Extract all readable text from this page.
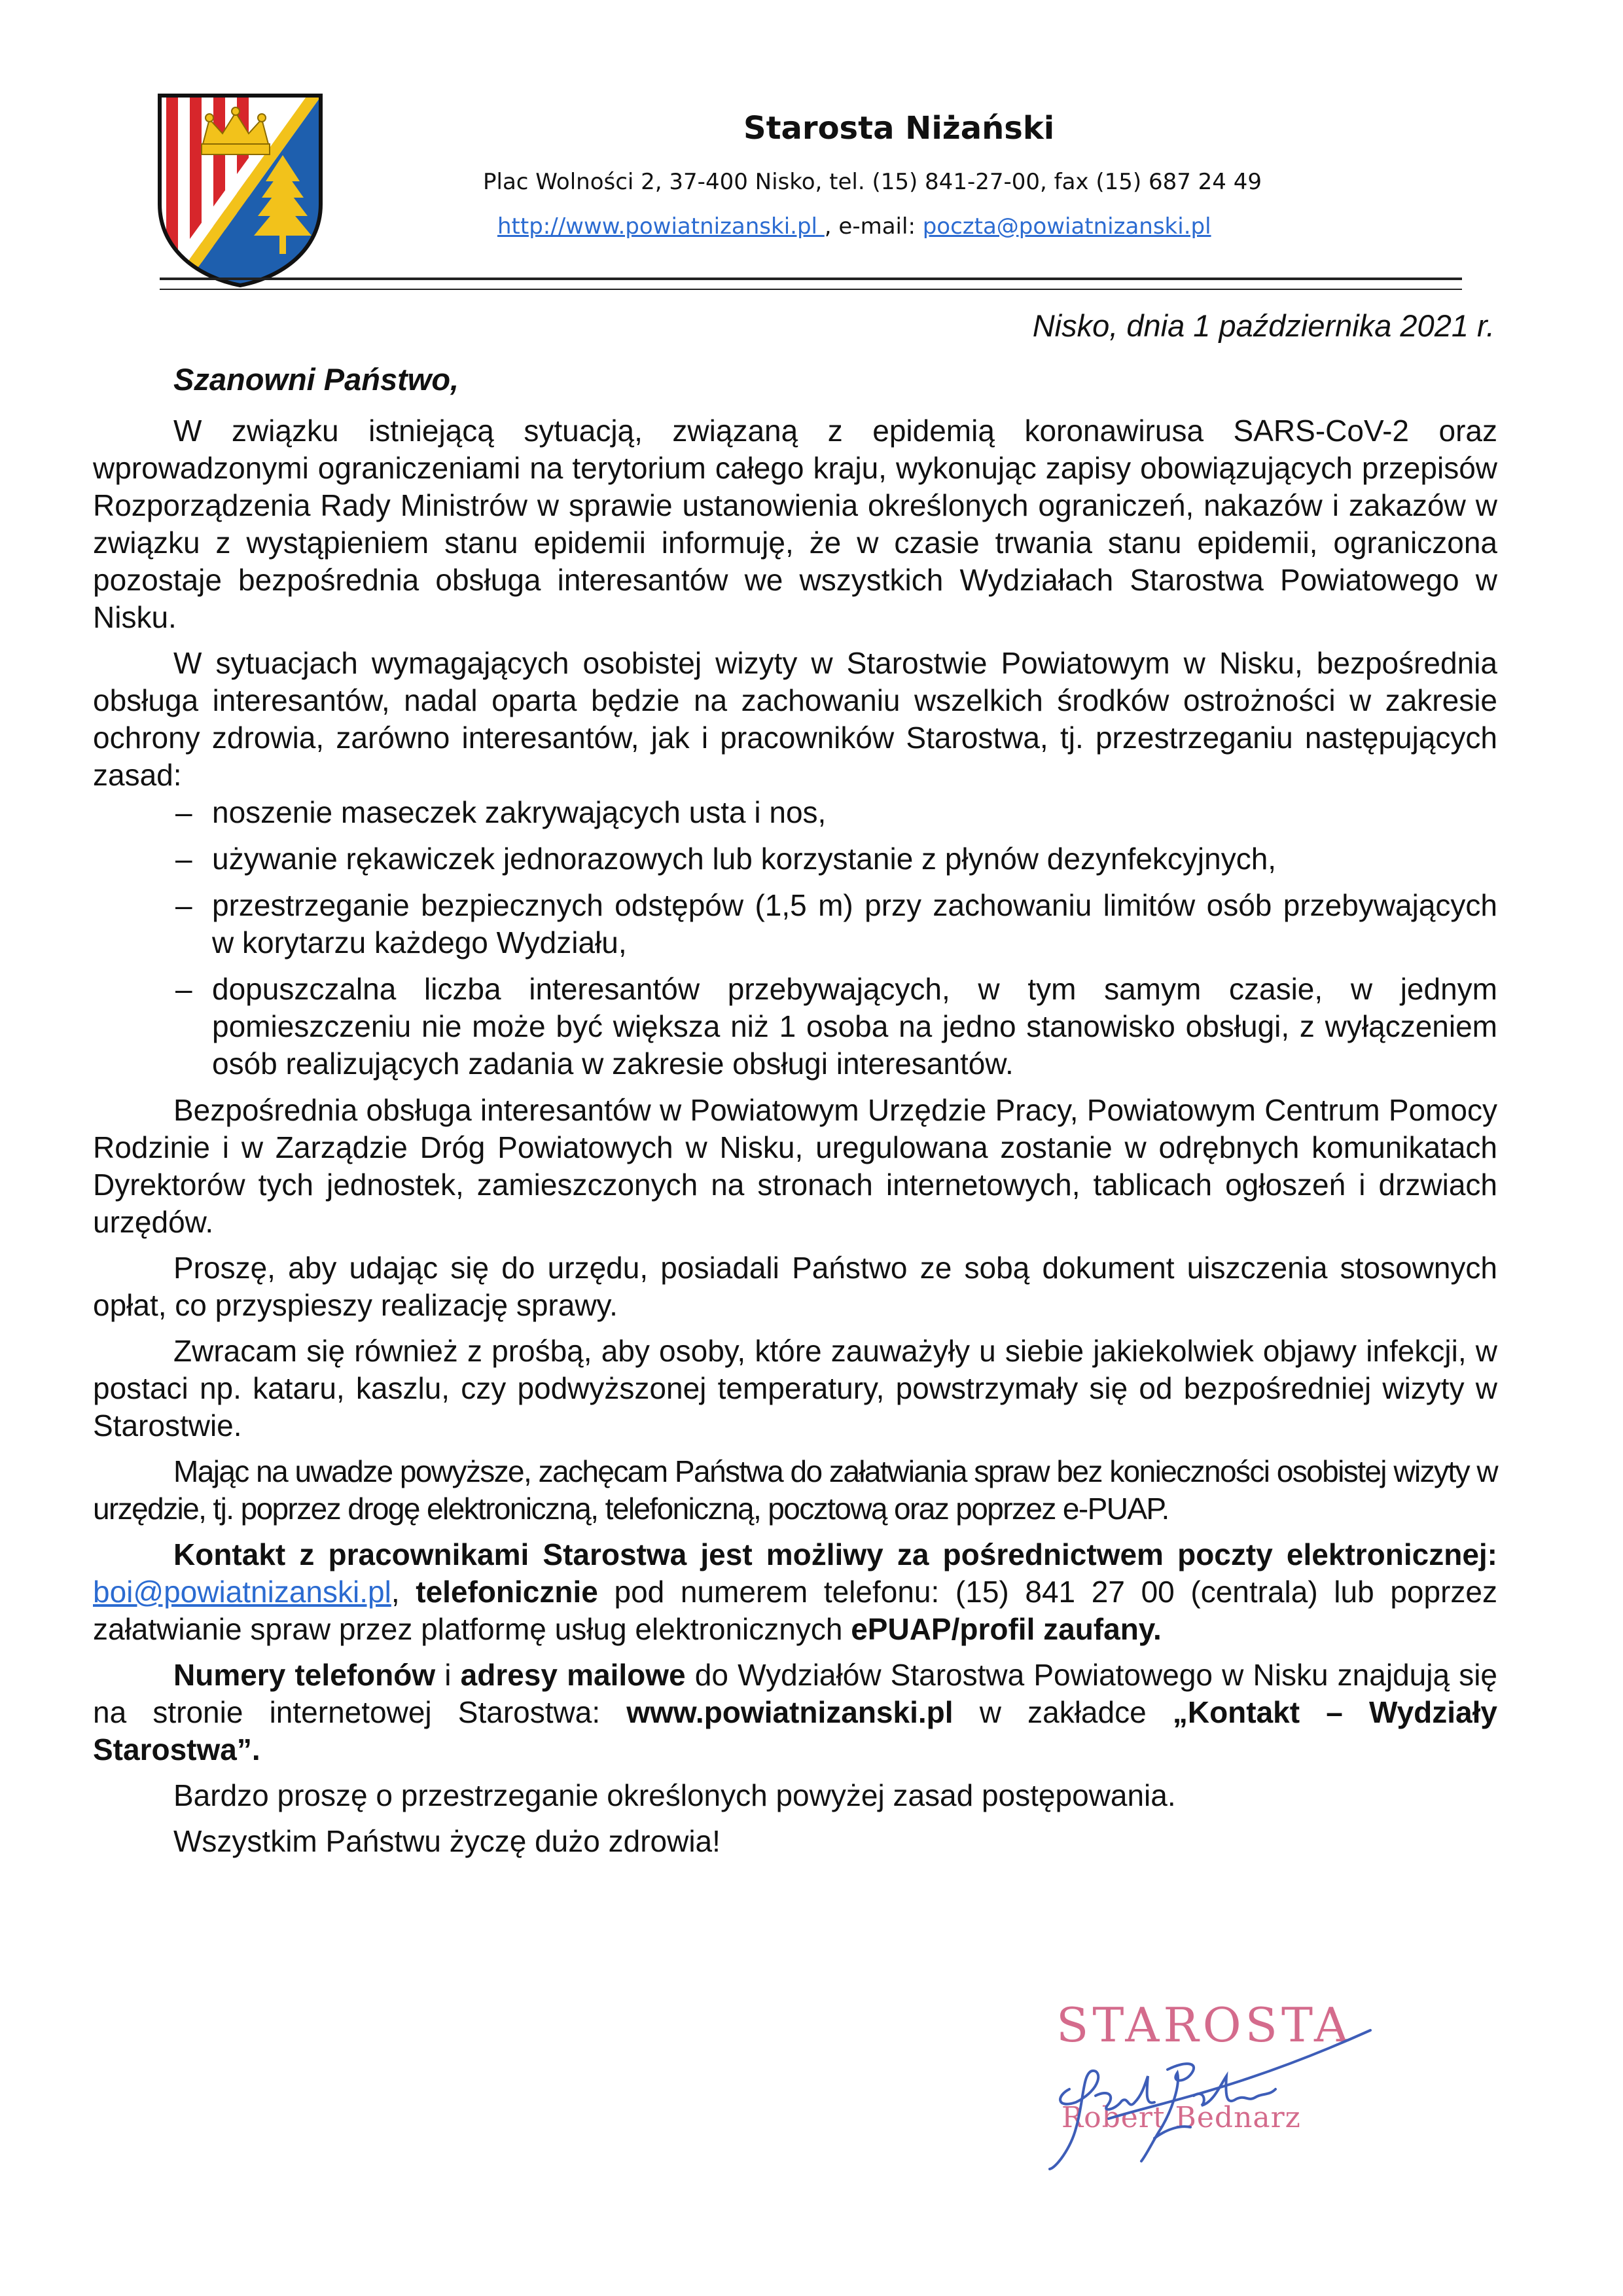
Starosta Niżański
Plac Wolności 2, 37-400 Nisko, tel. (15) 841-27-00, fax (15) 687 24 49
http://www.powiatnizanski.pl , e-mail: poczta@powiatnizanski.pl
Nisko, dnia 1 października 2021 r.
Szanowni Państwo,

W związku istniejącą sytuacją, związaną z epidemią koronawirusa SARS-CoV-2 oraz wprowadzonymi ograniczeniami na terytorium całego kraju, wykonując zapisy obowiązujących przepisów Rozporządzenia Rady Ministrów w sprawie ustanowienia określonych ograniczeń, nakazów i zakazów w związku z wystąpieniem stanu epidemii informuję, że w czasie trwania stanu epidemii, ograniczona pozostaje bezpośrednia obsługa interesantów we wszystkich Wydziałach Starostwa Powiatowego w Nisku.

W sytuacjach wymagających osobistej wizyty w Starostwie Powiatowym w Nisku, bezpośrednia obsługa interesantów, nadal oparta będzie na zachowaniu wszelkich środków ostrożności w zakresie ochrony zdrowia, zarówno interesantów, jak i pracowników Starostwa, tj. przestrzeganiu następujących zasad:

– noszenie maseczek zakrywających usta i nos,
– używanie rękawiczek jednorazowych lub korzystanie z płynów dezynfekcyjnych,
– przestrzeganie bezpiecznych odstępów (1,5 m) przy zachowaniu limitów osób przebywających w korytarzu każdego Wydziału,
– dopuszczalna liczba interesantów przebywających, w tym samym czasie, w jednym pomieszczeniu nie może być większa niż 1 osoba na jedno stanowisko obsługi, z wyłączeniem osób realizujących zadania w zakresie obsługi interesantów.

Bezpośrednia obsługa interesantów w Powiatowym Urzędzie Pracy, Powiatowym Centrum Pomocy Rodzinie i w Zarządzie Dróg Powiatowych w Nisku, uregulowana zostanie w odrębnych komunikatach Dyrektorów tych jednostek, zamieszczonych na stronach internetowych, tablicach ogłoszeń i drzwiach urzędów.

Proszę, aby udając się do urzędu, posiadali Państwo ze sobą dokument uiszczenia stosownych opłat, co przyspieszy realizację sprawy.

Zwracam się również z prośbą, aby osoby, które zauważyły u siebie jakiekolwiek objawy infekcji, w postaci np. kataru, kaszlu, czy podwyższonej temperatury, powstrzymały się od bezpośredniej wizyty w Starostwie.

Mając na uwadze powyższe, zachęcam Państwa do załatwiania spraw bez konieczności osobistej wizyty w urzędzie, tj. poprzez drogę elektroniczną, telefoniczną, pocztową oraz poprzez e-PUAP.

Kontakt z pracownikami Starostwa jest możliwy za pośrednictwem poczty elektronicznej: boi@powiatnizanski.pl, telefonicznie pod numerem telefonu: (15) 841 27 00 (centrala) lub poprzez załatwianie spraw przez platformę usług elektronicznych ePUAP/profil zaufany.

Numery telefonów i adresy mailowe do Wydziałów Starostwa Powiatowego w Nisku znajdują się na stronie internetowej Starostwa: www.powiatnizanski.pl w zakładce „Kontakt – Wydziały Starostwa”.

Bardzo proszę o przestrzeganie określonych powyżej zasad postępowania.

Wszystkim Państwu życzę dużo zdrowia!

STAROSTA
Robert Bednarz
